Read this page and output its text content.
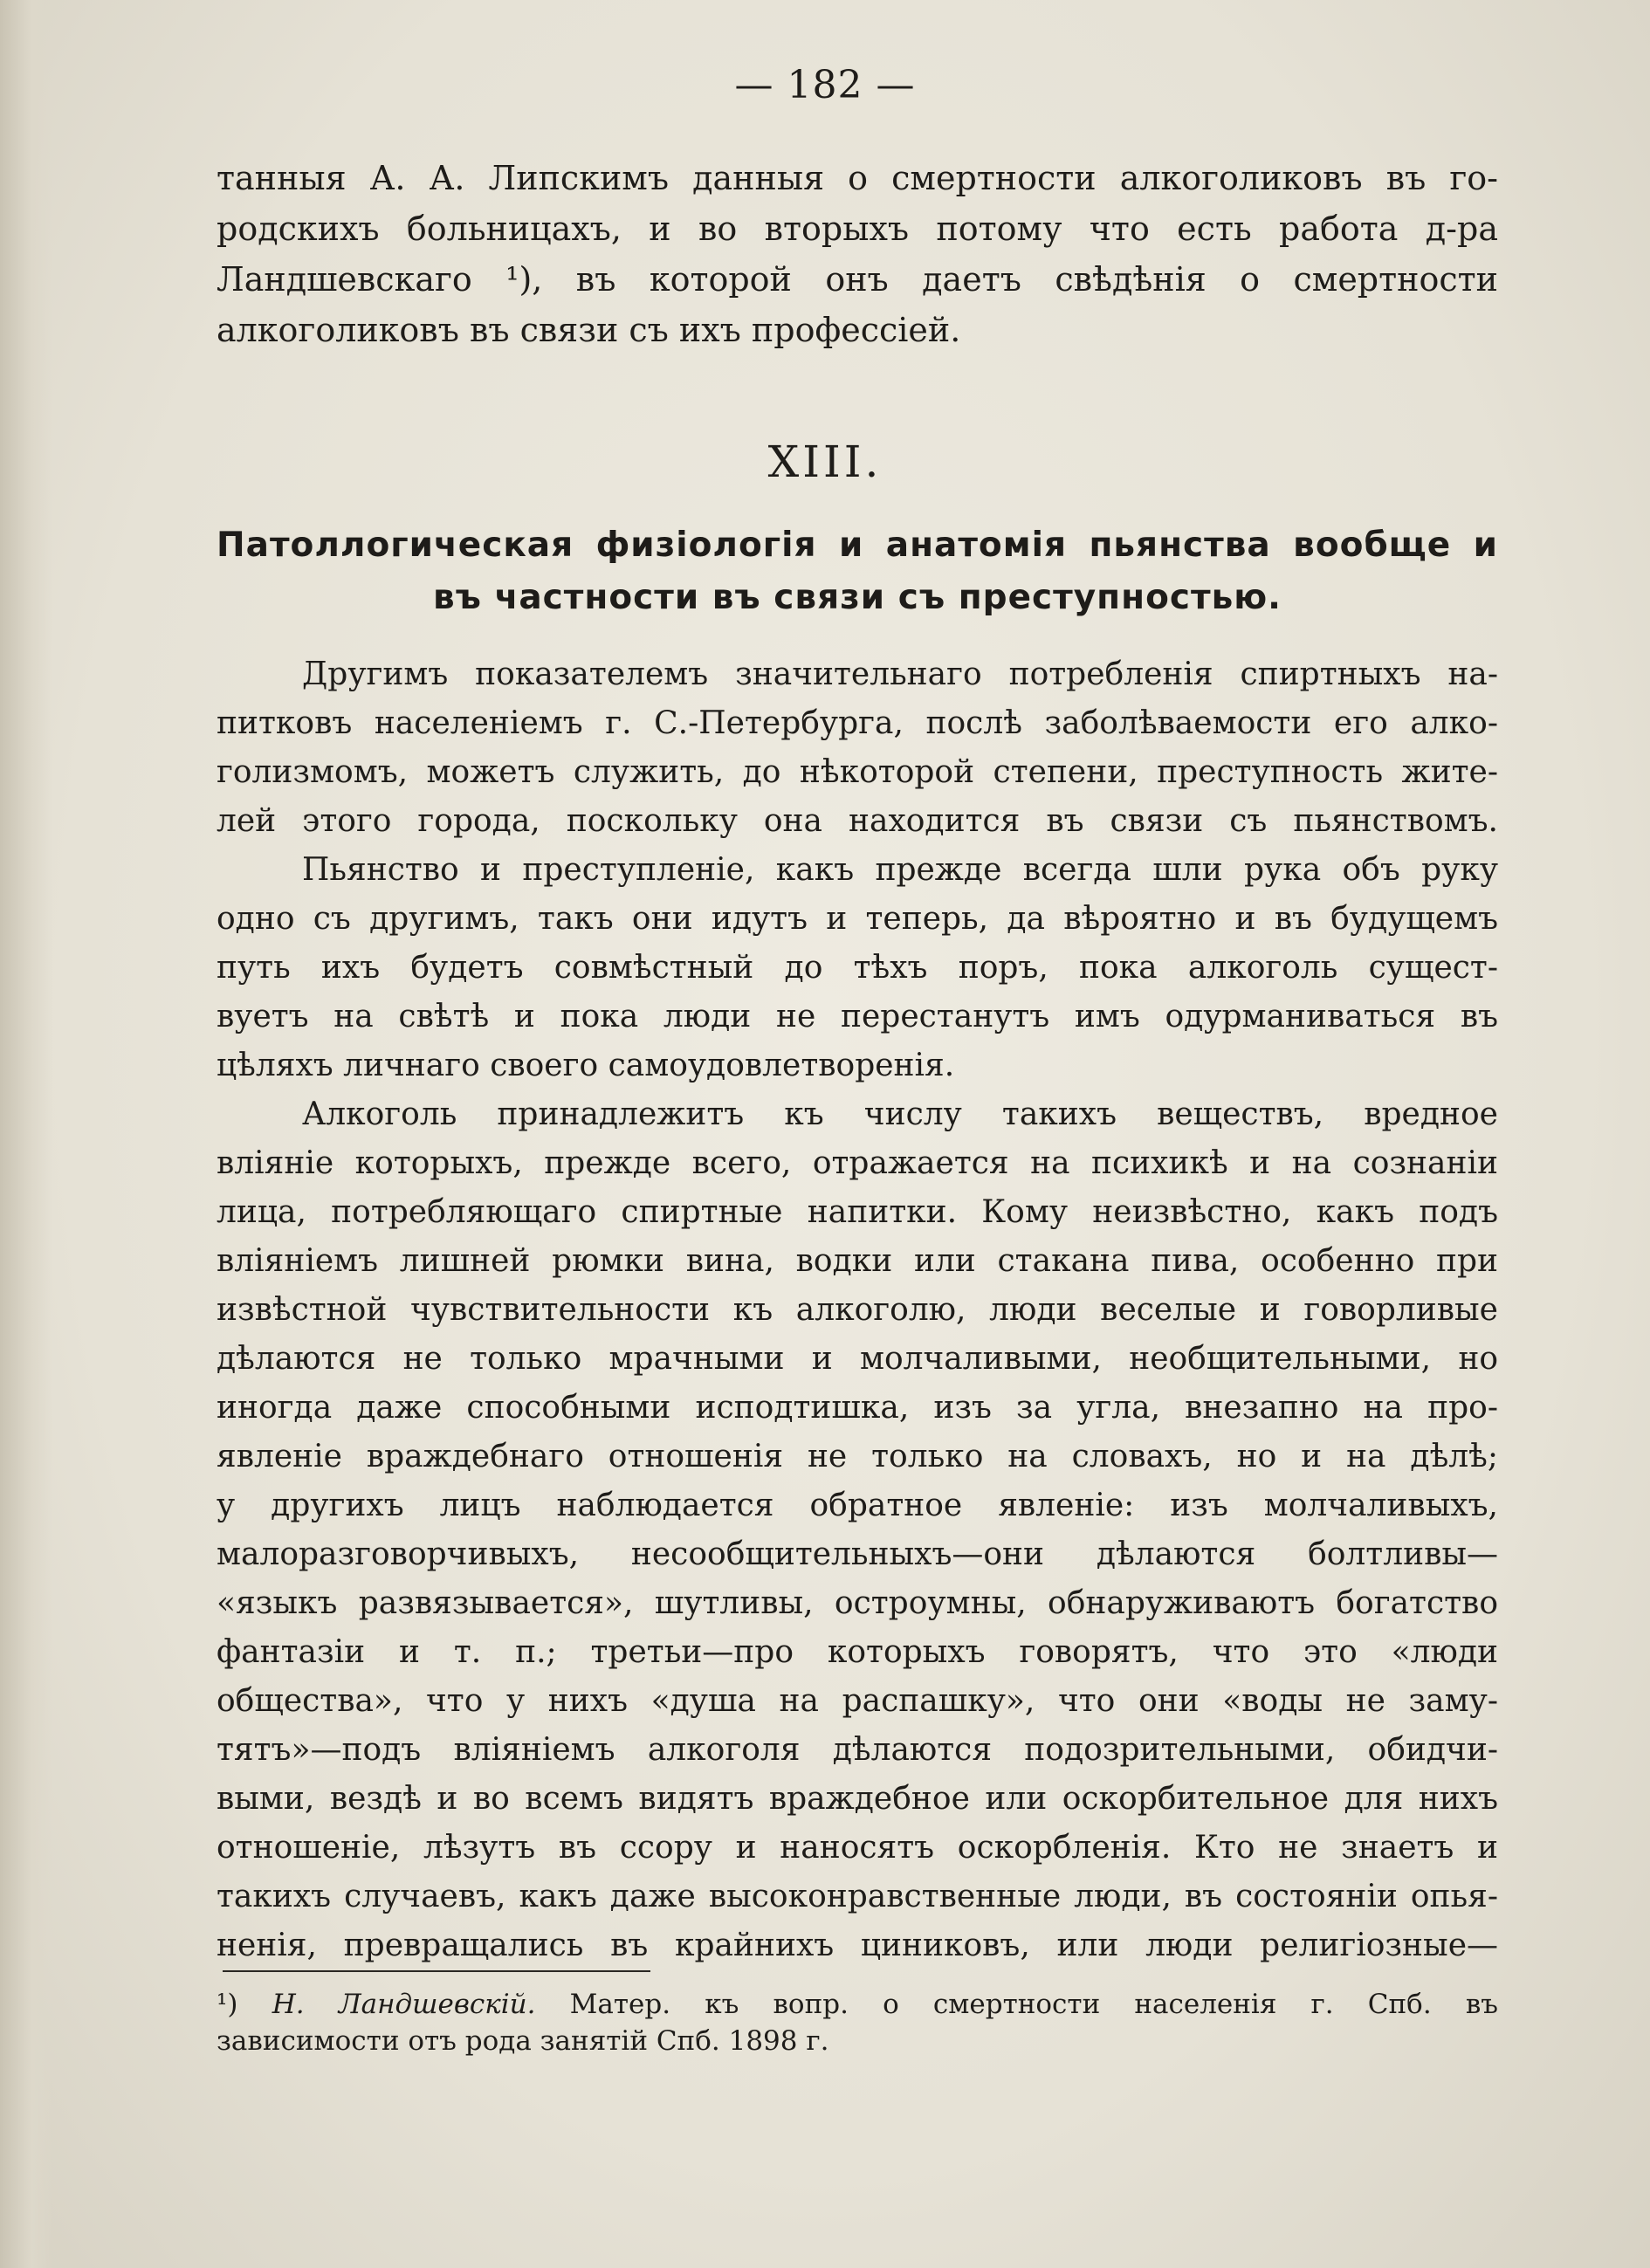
— 182 —
танныя А. А. Липскимъ данныя о смертности алкоголиковъ въ го-
родскихъ больницахъ, и во вторыхъ потому что есть работа д-ра
Ландшевскаго ¹), въ которой онъ даетъ свѣдѣнія о смертности
алкоголиковъ въ связи съ ихъ профессіей.
XIII.
Патоллогическая физіологія и анатомія пьянства вообще и
въ частности въ связи съ преступностью.
Другимъ показателемъ значительнаго потребленія спиртныхъ на-
питковъ населеніемъ г. С.-Петербурга, послѣ заболѣваемости его алко-
голизмомъ, можетъ служить, до нѣкоторой степени, преступность жите-
лей этого города, поскольку она находится въ связи съ пьянствомъ.
Пьянство и преступленіе, какъ прежде всегда шли рука объ руку
одно съ другимъ, такъ они идутъ и теперь, да вѣроятно и въ будущемъ
путь ихъ будетъ совмѣстный до тѣхъ поръ, пока алкоголь сущест-
вуетъ на свѣтѣ и пока люди не перестанутъ имъ одурманиваться въ
цѣляхъ личнаго своего самоудовлетворенія.
Алкоголь принадлежитъ къ числу такихъ веществъ, вредное
вліяніе которыхъ, прежде всего, отражается на психикѣ и на сознаніи
лица, потребляющаго спиртные напитки. Кому неизвѣстно, какъ подъ
вліяніемъ лишней рюмки вина, водки или стакана пива, особенно при
извѣстной чувствительности къ алкоголю, люди веселые и говорливые
дѣлаются не только мрачными и молчаливыми, необщительными, но
иногда даже способными исподтишка, изъ за угла, внезапно на про-
явленіе враждебнаго отношенія не только на словахъ, но и на дѣлѣ;
у другихъ лицъ наблюдается обратное явленіе: изъ молчаливыхъ,
малоразговорчивыхъ, несообщительныхъ—они дѣлаются болтливы—
«языкъ развязывается», шутливы, остроумны, обнаруживаютъ богатство
фантазіи и т. п.; третьи—про которыхъ говорятъ, что это «люди
общества», что у нихъ «душа на распашку», что они «воды не заму-
тятъ»—подъ вліяніемъ алкоголя дѣлаются подозрительными, обидчи-
выми, вездѣ и во всемъ видятъ враждебное или оскорбительное для нихъ
отношеніе, лѣзутъ въ ссору и наносятъ оскорбленія. Кто не знаетъ и
такихъ случаевъ, какъ даже высоконравственные люди, въ состояніи опья-
ненія, превращались въ крайнихъ циниковъ, или люди религіозные—
¹) Н. Ландшевскій. Матер. къ вопр. о смертности населенія г. Спб. въ
зависимости отъ рода занятій Спб. 1898 г.
